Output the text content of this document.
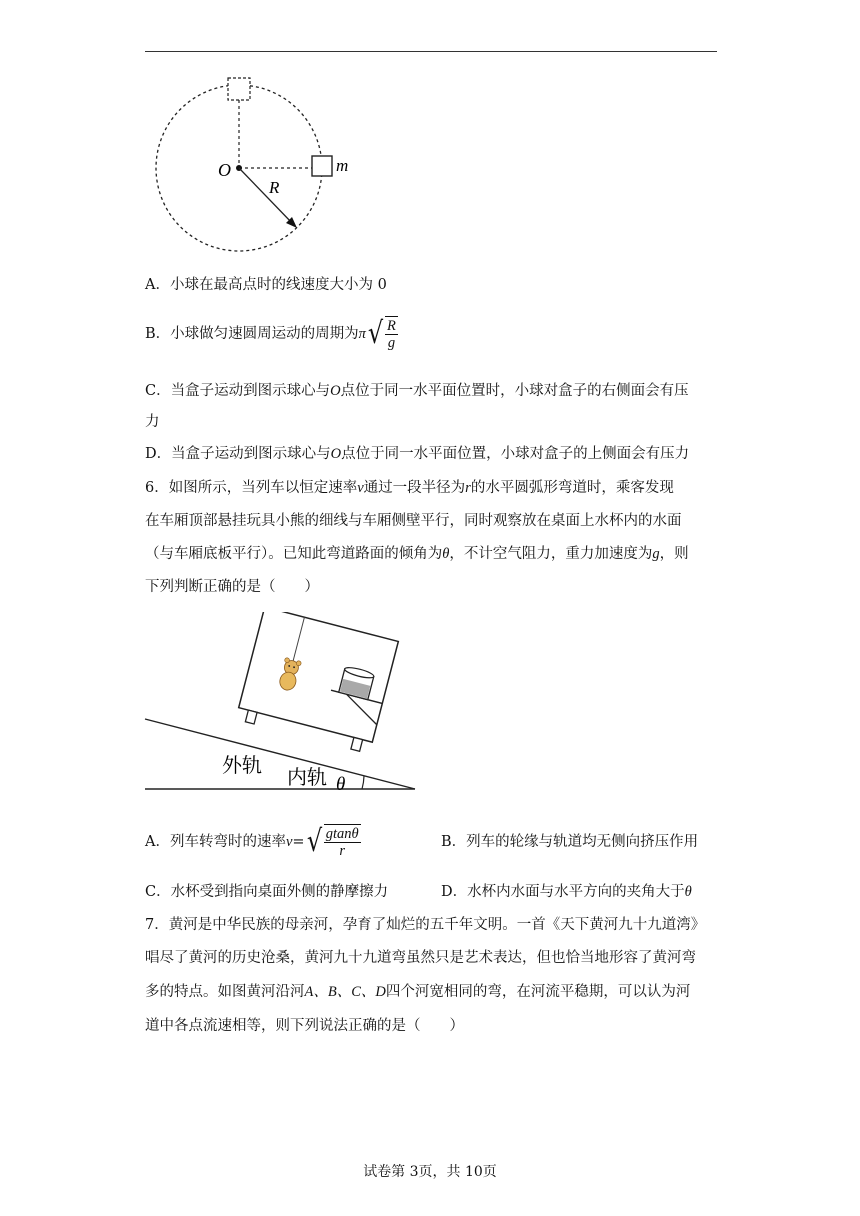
O
R
m
A．小球在最高点时的线速度大小为 0
B．小球做匀速圆周运动的周期为 π √ $\frac{R}{g}$
C．当盒子运动到图示球心与O点位于同一水平面位置时，小球对盒子的右侧面会有压
力
D．当盒子运动到图示球心与O点位于同一水平面位置，小球对盒子的上侧面会有压力
6．如图所示，当列车以恒定速率v通过一段半径为r的水平圆弧形弯道时，乘客发现
在车厢顶部悬挂玩具小熊的细线与车厢侧壁平行，同时观察放在桌面上水杯内的水面
（与车厢底板平行）。已知此弯道路面的倾角为θ，不计空气阻力，重力加速度为g，则
下列判断正确的是（　　）
外轨
内轨 θ
A．列车转弯时的速率 v = √ $\frac{gtan\theta}{r}$	B．列车的轮缘与轨道均无侧向挤压作用
C．水杯受到指向桌面外侧的静摩擦力	D．水杯内水面与水平方向的夹角大于θ
7．黄河是中华民族的母亲河，孕育了灿烂的五千年文明。一首《天下黄河九十九道湾》
唱尽了黄河的历史沧桑，黄河九十九道弯虽然只是艺术表达，但也恰当地形容了黄河弯
多的特点。如图黄河沿河A、B、C、D四个河宽相同的弯，在河流平稳期，可以认为河
道中各点流速相等，则下列说法正确的是（　　）
试卷第 3页，共 10页
